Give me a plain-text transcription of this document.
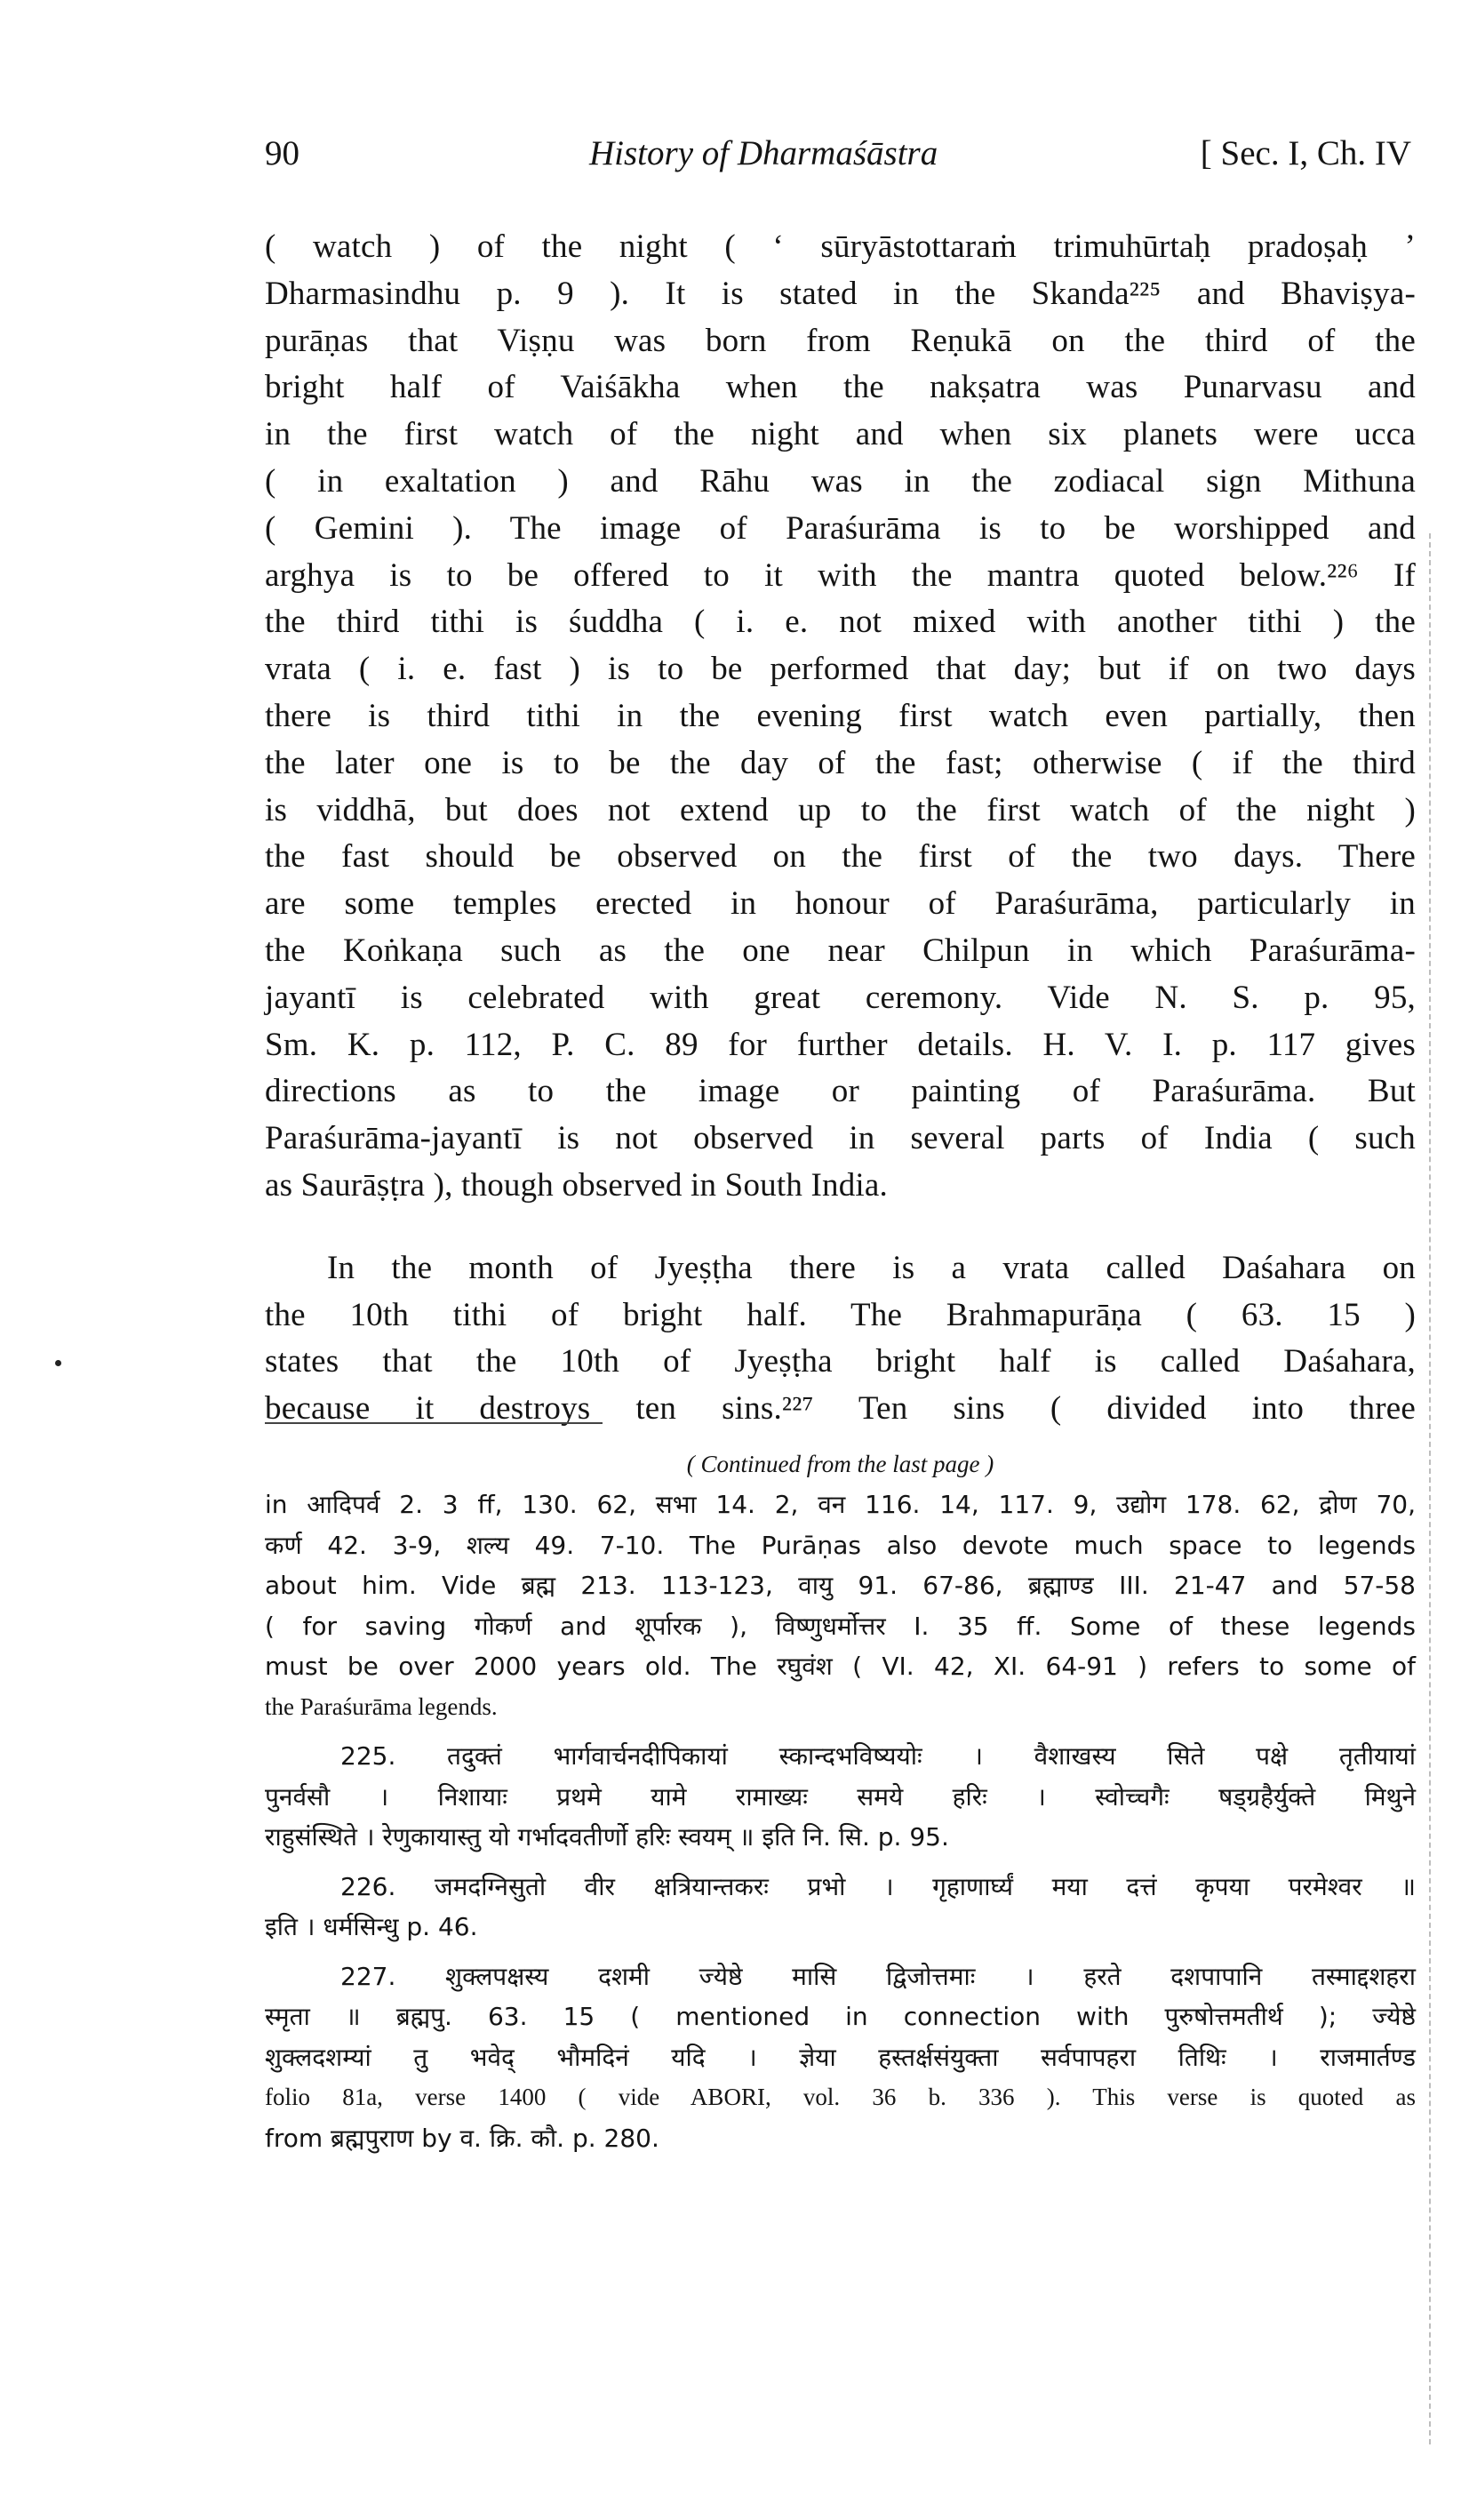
90	History of Dharmaśāstra	[ Sec. I, Ch. IV
( watch ) of the night ( ‘ sūryāstottaraṁ trimuhūrtaḥ pradoṣaḥ ’
Dharmasindhu p. 9 ). It is stated in the Skanda²²⁵ and Bhaviṣya-
purāṇas that Viṣṇu was born from Reṇukā on the third of the
bright half of Vaiśākha when the nakṣatra was Punarvasu and
in the first watch of the night and when six planets were ucca
( in exaltation ) and Rāhu was in the zodiacal sign Mithuna
( Gemini ). The image of Paraśurāma is to be worshipped and
arghya is to be offered to it with the mantra quoted below.²²⁶ If
the third tithi is śuddha ( i. e. not mixed with another tithi ) the
vrata ( i. e. fast ) is to be performed that day; but if on two days
there is third tithi in the evening first watch even partially, then
the later one is to be the day of the fast; otherwise ( if the third
is viddhā, but does not extend up to the first watch of the night )
the fast should be observed on the first of the two days. There
are some temples erected in honour of Paraśurāma, particularly in
the Koṅkaṇa such as the one near Chilpun in which Paraśurāma-
jayantī is celebrated with great ceremony. Vide N. S. p. 95,
Sm. K. p. 112, P. C. 89 for further details. H. V. I. p. 117 gives
directions as to the image or painting of Paraśurāma. But
Paraśurāma-jayantī is not observed in several parts of India ( such
as Saurāṣṭra ), though observed in South India.
In the month of Jyeṣṭha there is a vrata called Daśahara on
the 10th tithi of bright half. The Brahmapurāṇa ( 63. 15 )
states that the 10th of Jyeṣṭha bright half is called Daśahara,
because it destroys ten sins.²²⁷ Ten sins ( divided into three
( Continued from the last page )
in आदिपर्व 2. 3 ff, 130. 62, सभा 14. 2, वन 116. 14, 117. 9, उद्योग 178. 62, द्रोण 70,
कर्ण 42. 3-9, शल्य 49. 7-10. The Purāṇas also devote much space to legends
about him. Vide ब्रह्म 213. 113-123, वायु 91. 67-86, ब्रह्माण्ड III. 21-47 and 57-58
( for saving गोकर्ण and शूर्पारक ), विष्णुधर्मोत्तर I. 35 ff. Some of these legends
must be over 2000 years old. The रघुवंश ( VI. 42, XI. 64-91 ) refers to some of
the Paraśurāma legends.
225. तदुक्तं भार्गवार्चनदीपिकायां स्कान्दभविष्ययोः । वैशाखस्य सिते पक्षे तृतीयायां
पुनर्वसौ । निशायाः प्रथमे यामे रामाख्यः समये हरिः । स्वोच्चगैः षड्ग्रहैर्युक्ते मिथुने
राहुसंस्थिते । रेणुकायास्तु यो गर्भादवतीर्णो हरिः स्वयम् ॥ इति नि. सि. p. 95.
226. जमदग्निसुतो वीर क्षत्रियान्तकरः प्रभो । गृहाणार्घ्यं मया दत्तं कृपया परमेश्वर ॥
इति । धर्मसिन्धु p. 46.
227. शुक्लपक्षस्य दशमी ज्येष्ठे मासि द्विजोत्तमाः । हरते दशपापानि तस्माद्दशहरा
स्मृता ॥ ब्रह्मपु. 63. 15 ( mentioned in connection with पुरुषोत्तमतीर्थ ); ज्येष्ठे
शुक्लदशम्यां तु भवेद् भौमदिनं यदि । ज्ञेया हस्तर्क्षसंयुक्ता सर्वपापहरा तिथिः । राजमार्तण्ड
folio 81a, verse 1400 ( vide ABORI, vol. 36 b. 336 ). This verse is quoted as
from ब्रह्मपुराण by व. क्रि. कौ. p. 280.
